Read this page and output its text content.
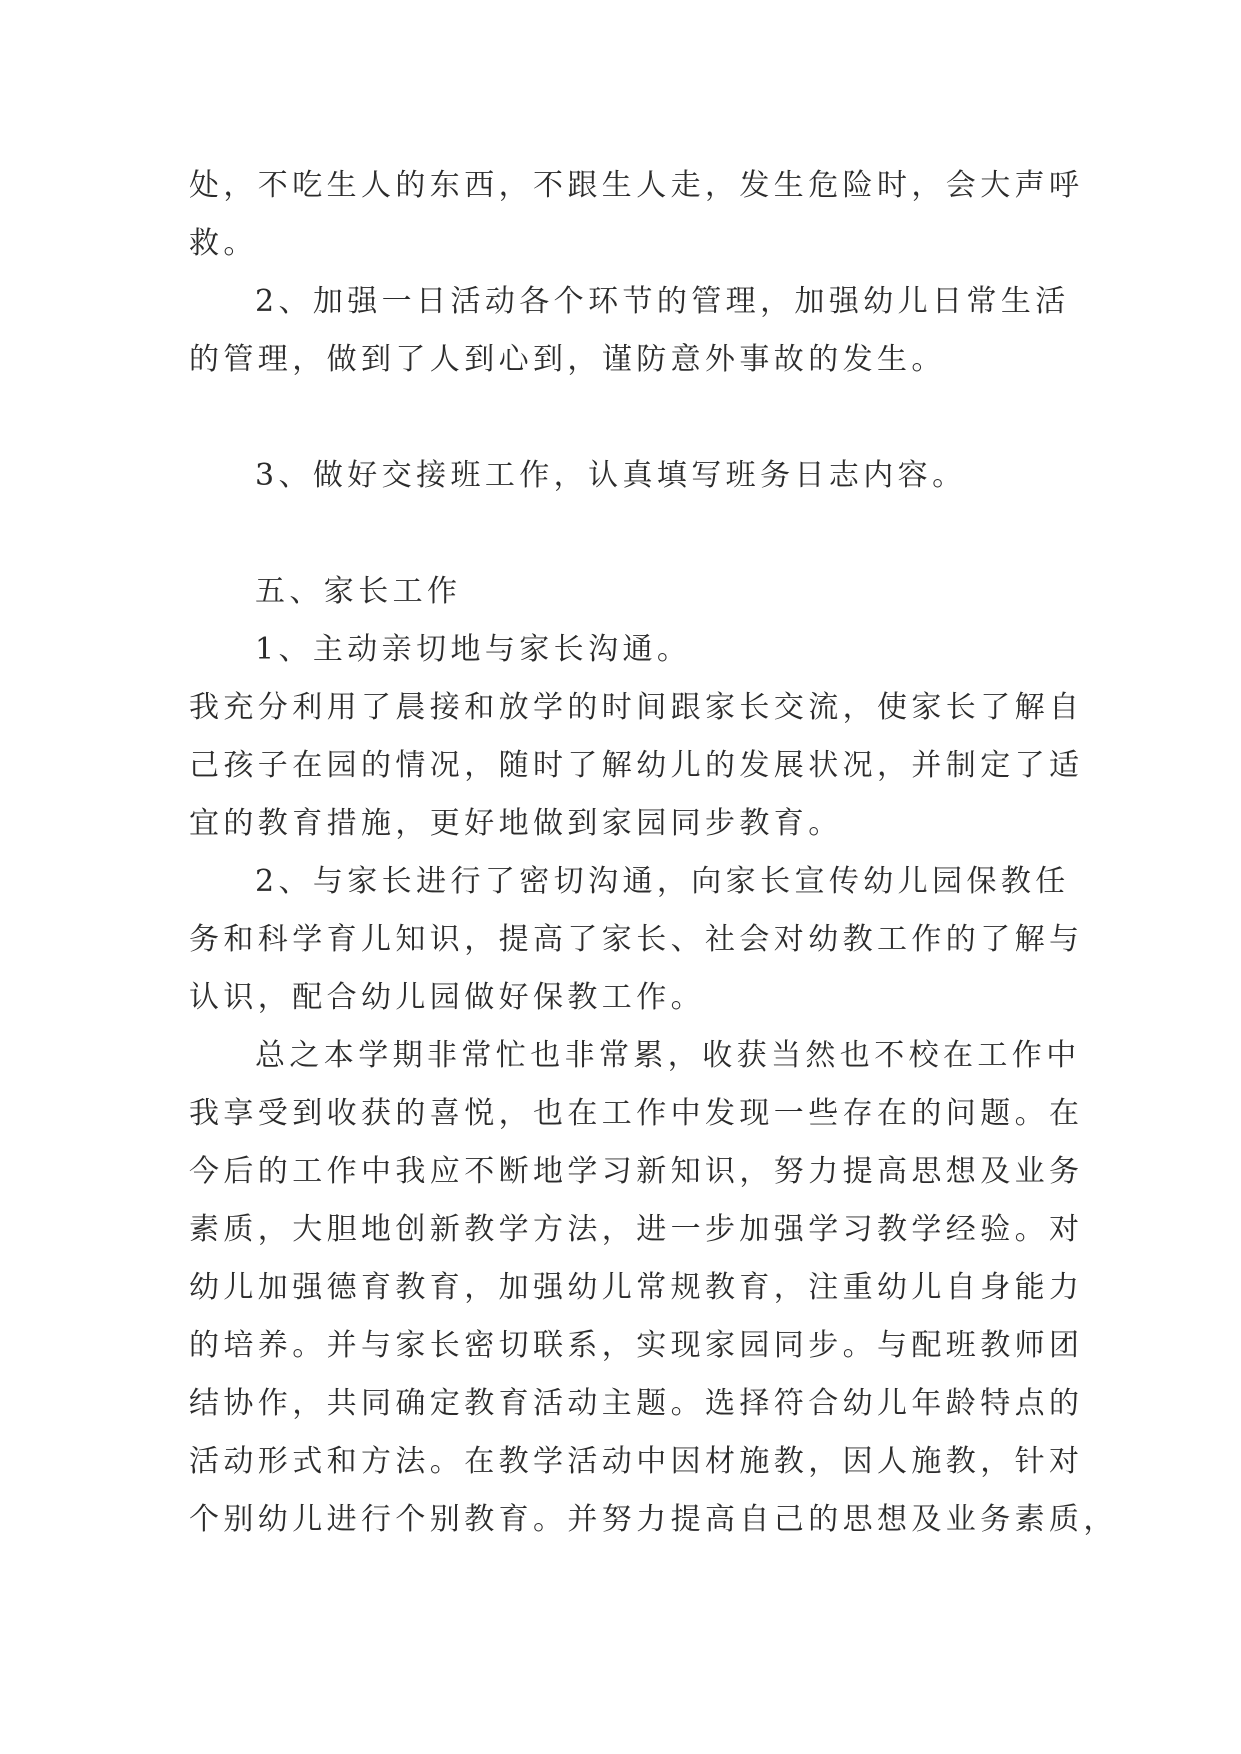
处，不吃生人的东西，不跟生人走，发生危险时，会大声呼
救。
2、加强一日活动各个环节的管理，加强幼儿日常生活
的管理，做到了人到心到，谨防意外事故的发生。
3、做好交接班工作，认真填写班务日志内容。
五、家长工作
1、主动亲切地与家长沟通。
我充分利用了晨接和放学的时间跟家长交流，使家长了解自
己孩子在园的情况，随时了解幼儿的发展状况，并制定了适
宜的教育措施，更好地做到家园同步教育。
2、与家长进行了密切沟通，向家长宣传幼儿园保教任
务和科学育儿知识，提高了家长、社会对幼教工作的了解与
认识，配合幼儿园做好保教工作。
总之本学期非常忙也非常累，收获当然也不校在工作中
我享受到收获的喜悦，也在工作中发现一些存在的问题。在
今后的工作中我应不断地学习新知识，努力提高思想及业务
素质，大胆地创新教学方法，进一步加强学习教学经验。对
幼儿加强德育教育，加强幼儿常规教育，注重幼儿自身能力
的培养。并与家长密切联系，实现家园同步。与配班教师团
结协作，共同确定教育活动主题。选择符合幼儿年龄特点的
活动形式和方法。在教学活动中因材施教，因人施教，针对
个别幼儿进行个别教育。并努力提高自己的思想及业务素质，
